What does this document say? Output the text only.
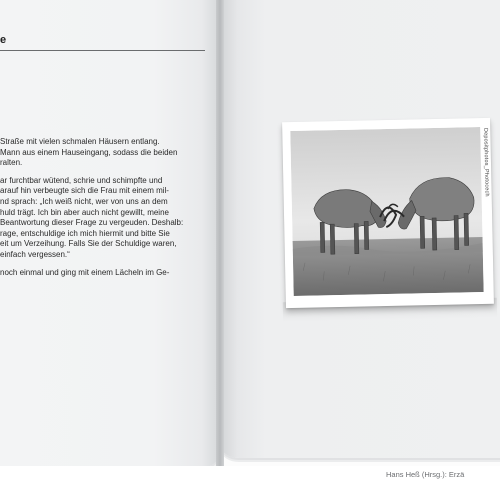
e

Straße mit vielen schmalen Häusern entlang.
Mann aus einem Hauseingang, sodass die beiden
ralten.

ar furchtbar wütend, schrie und schimpfte und
arauf hin verbeugte sich die Frau mit einem mil-
nd sprach: „Ich weiß nicht, wer von uns an dem
huld trägt. Ich bin aber auch nicht gewillt, meine
Beantwortung dieser Frage zu vergeuden. Deshalb:
rage, entschuldige ich mich hiermit und bitte Sie
eit um Verzeihung. Falls Sie der Schuldige waren,
einfach vergessen.“

noch einmal und ging mit einem Lächeln im Ge-

Depositphotos_Photocech
Hans Heß (Hrsg.): Erzä
